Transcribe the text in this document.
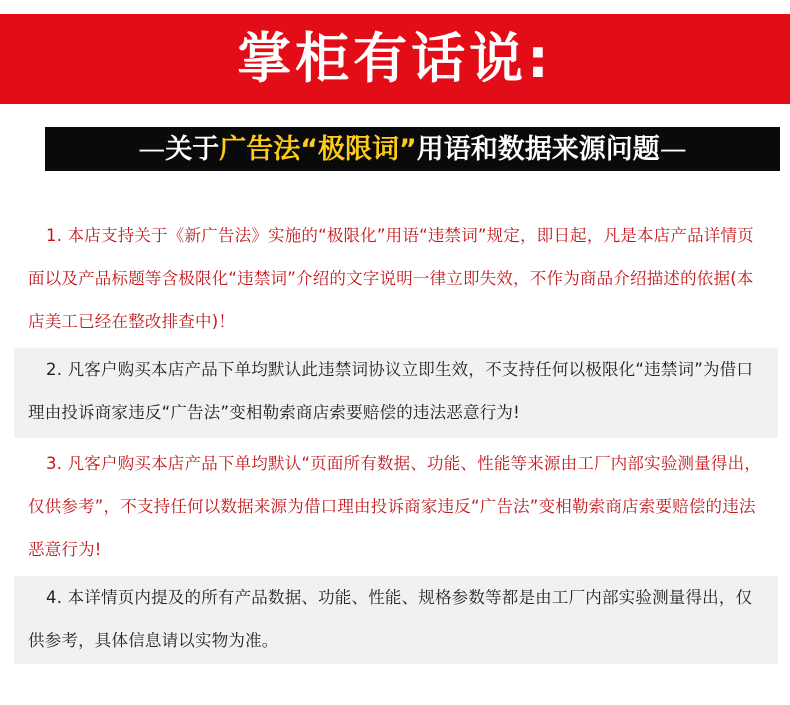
掌柜有话说:
— 关于 广告法 “极限词” 用语和数据来源问题 —
1. 本店支持关于《新广告法》实施的“极限化”用语“违禁词”规定，即日起，凡是本店产品详情页面以及产品标题等含极限化“违禁词”介绍的文字说明一律立即失效，不作为商品介绍描述的依据(本店美工已经在整改排查中)！
2. 凡客户购买本店产品下单均默认此违禁词协议立即生效，不支持任何以极限化“违禁词”为借口理由投诉商家违反“广告法”变相勒索商店索要赔偿的违法恶意行为!
3. 凡客户购买本店产品下单均默认“页面所有数据、功能、性能等来源由工厂内部实验测量得出，仅供参考”，不支持任何以数据来源为借口理由投诉商家违反“广告法”变相勒索商店索要赔偿的违法恶意行为!
4. 本详情页内提及的所有产品数据、功能、性能、规格参数等都是由工厂内部实验测量得出，仅供参考，具体信息请以实物为准。
